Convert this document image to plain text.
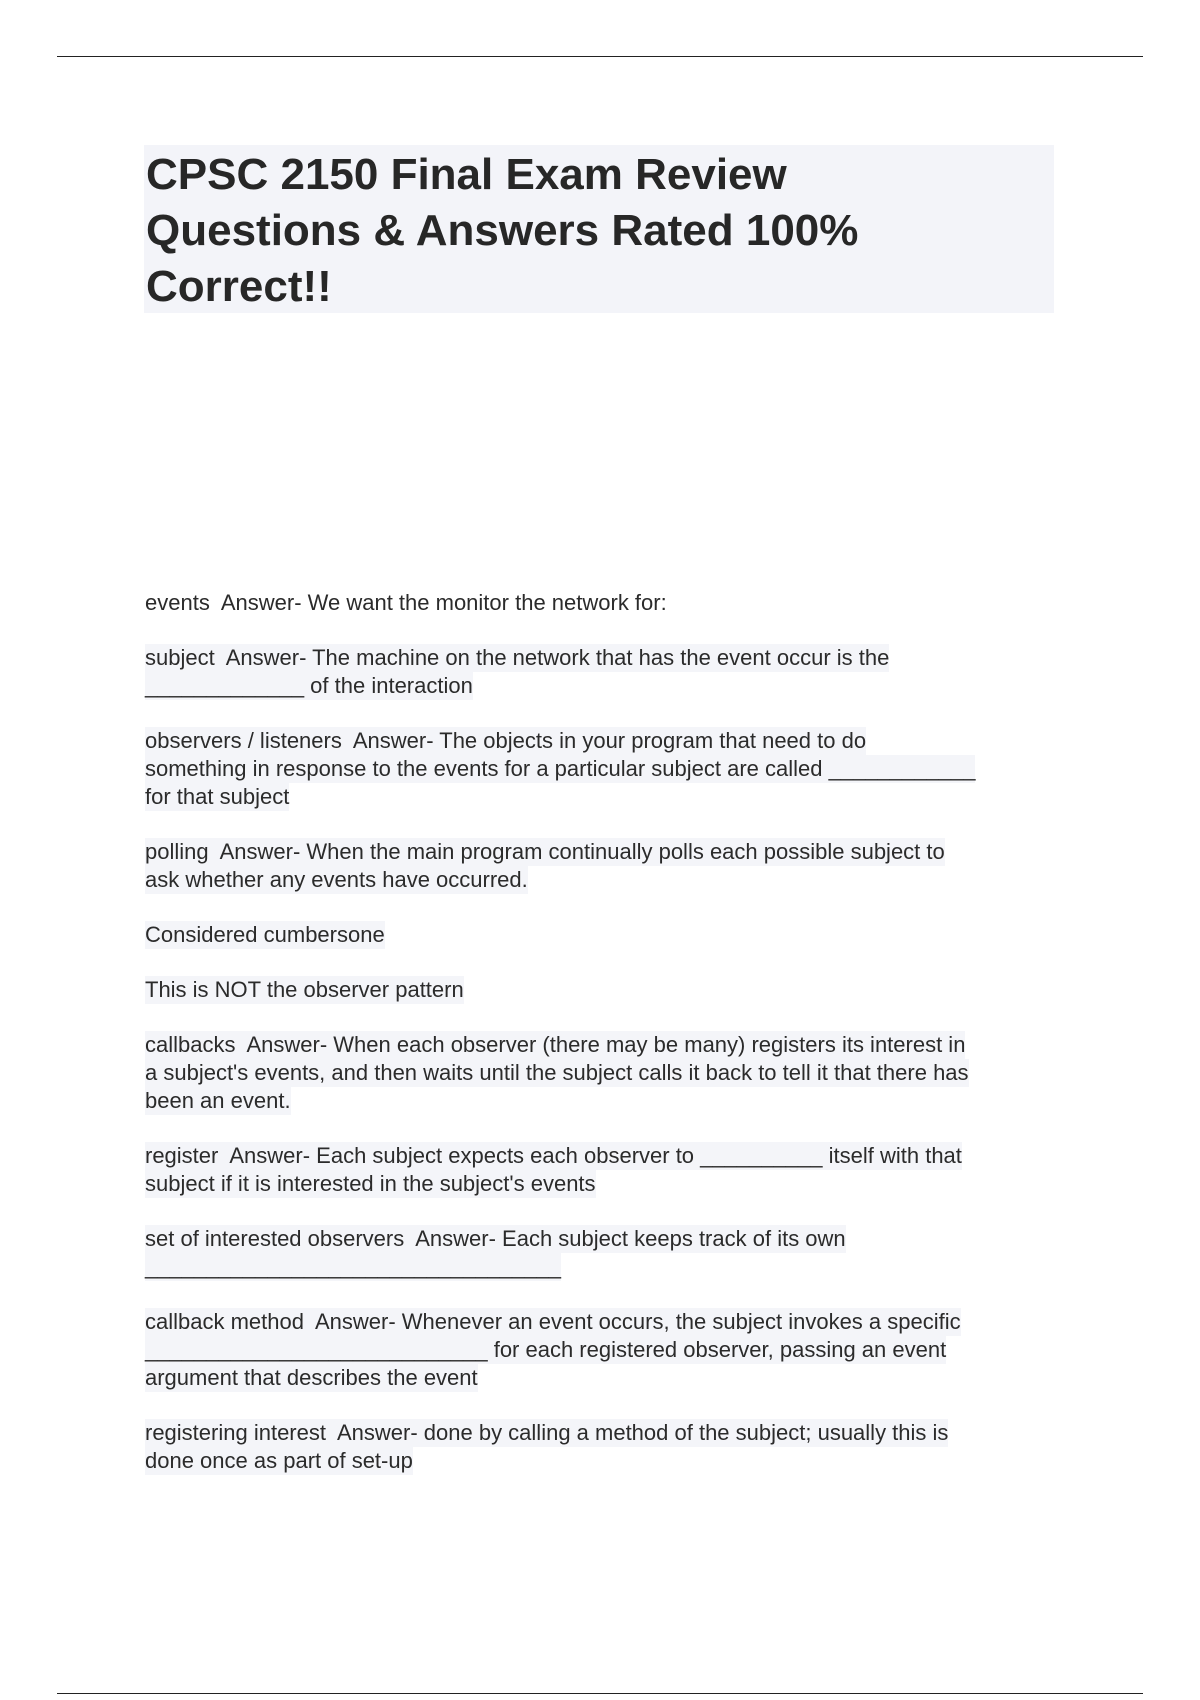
CPSC 2150 Final Exam Review
Questions & Answers Rated 100%
Correct!!
events  Answer- We want the monitor the network for:
subject  Answer- The machine on the network that has the event occur is the
_____________ of the interaction
observers / listeners  Answer- The objects in your program that need to do
something in response to the events for a particular subject are called ____________
for that subject
polling  Answer- When the main program continually polls each possible subject to
ask whether any events have occurred.
Considered cumbersone
This is NOT the observer pattern
callbacks  Answer- When each observer (there may be many) registers its interest in
a subject's events, and then waits until the subject calls it back to tell it that there has
been an event.
register  Answer- Each subject expects each observer to __________ itself with that
subject if it is interested in the subject's events
set of interested observers  Answer- Each subject keeps track of its own
__________________________________
callback method  Answer- Whenever an event occurs, the subject invokes a specific
____________________________ for each registered observer, passing an event
argument that describes the event
registering interest  Answer- done by calling a method of the subject; usually this is
done once as part of set-up
